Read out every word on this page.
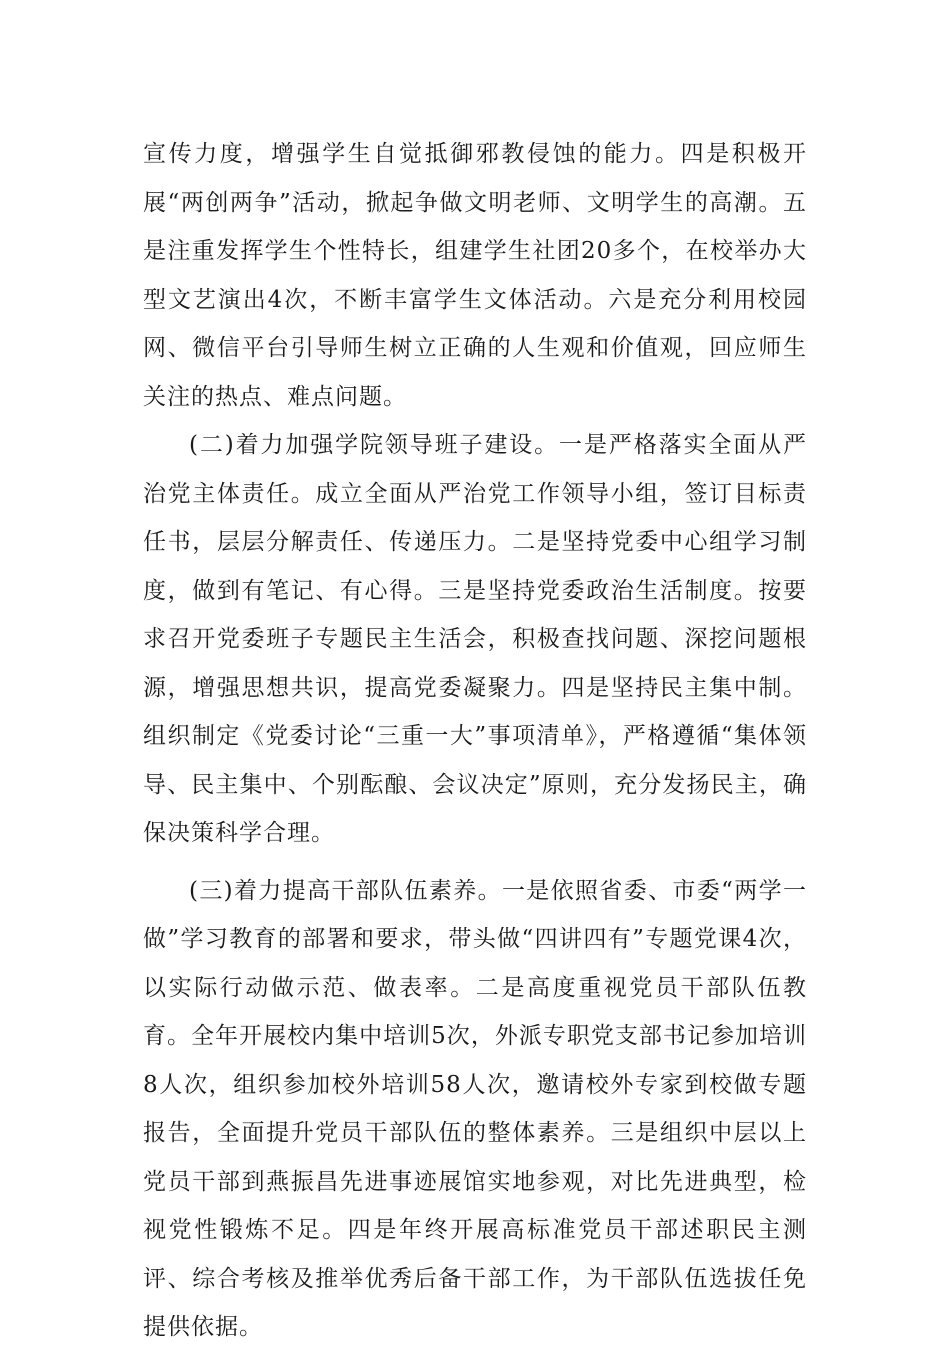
宣传力度，增强学生自觉抵御邪教侵蚀的能力。四是积极开展“两创两争”活动，掀起争做文明老师、文明学生的高潮。五是注重发挥学生个性特长，组建学生社团20多个，在校举办大型文艺演出4次，不断丰富学生文体活动。六是充分利用校园网、微信平台引导师生树立正确的人生观和价值观，回应师生关注的热点、难点问题。

(二)着力加强学院领导班子建设。一是严格落实全面从严治党主体责任。成立全面从严治党工作领导小组，签订目标责任书，层层分解责任、传递压力。二是坚持党委中心组学习制度，做到有笔记、有心得。三是坚持党委政治生活制度。按要求召开党委班子专题民主生活会，积极查找问题、深挖问题根源，增强思想共识，提高党委凝聚力。四是坚持民主集中制。组织制定《党委讨论“三重一大”事项清单》，严格遵循“集体领导、民主集中、个别酝酿、会议决定”原则，充分发扬民主，确保决策科学合理。

(三)着力提高干部队伍素养。一是依照省委、市委“两学一做”学习教育的部署和要求，带头做“四讲四有”专题党课4次，以实际行动做示范、做表率。二是高度重视党员干部队伍教育。全年开展校内集中培训5次，外派专职党支部书记参加培训8人次，组织参加校外培训58人次，邀请校外专家到校做专题报告，全面提升党员干部队伍的整体素养。三是组织中层以上党员干部到燕振昌先进事迹展馆实地参观，对比先进典型，检视党性锻炼不足。四是年终开展高标准党员干部述职民主测评、综合考核及推举优秀后备干部工作，为干部队伍选拔任免提供依据。
